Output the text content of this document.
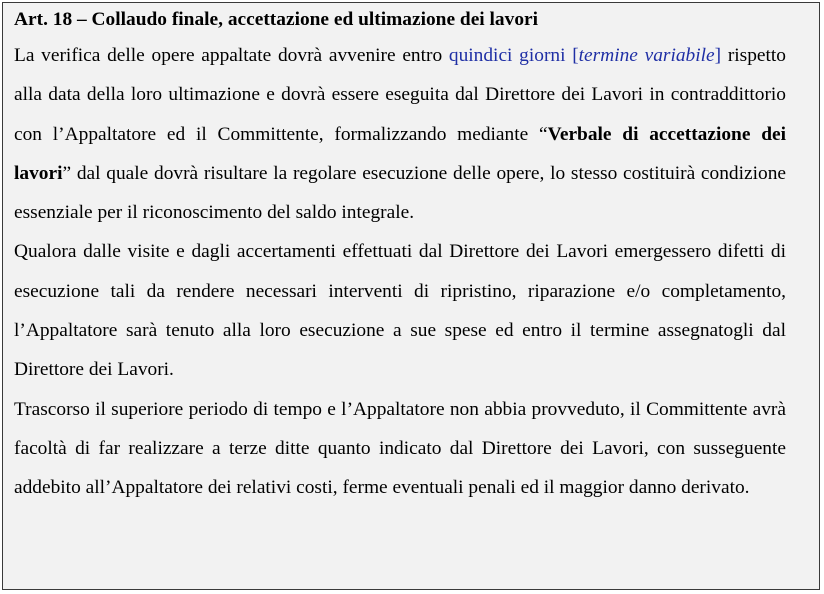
Art. 18 – Collaudo finale, accettazione ed ultimazione dei lavori

La verifica delle opere appaltate dovrà avvenire entro quindici giorni [termine variabile] rispetto alla data della loro ultimazione e dovrà essere eseguita dal Direttore dei Lavori in contraddittorio con l’Appaltatore ed il Committente, formalizzando mediante “Verbale di accettazione dei lavori” dal quale dovrà risultare la regolare esecuzione delle opere, lo stesso costituirà condizione essenziale per il riconoscimento del saldo integrale.

Qualora dalle visite e dagli accertamenti effettuati dal Direttore dei Lavori emergessero difetti di esecuzione tali da rendere necessari interventi di ripristino, riparazione e/o completamento, l’Appaltatore sarà tenuto alla loro esecuzione a sue spese ed entro il termine assegnatogli dal Direttore dei Lavori.

Trascorso il superiore periodo di tempo e l’Appaltatore non abbia provveduto, il Committente avrà facoltà di far realizzare a terze ditte quanto indicato dal Direttore dei Lavori, con susseguente addebito all’Appaltatore dei relativi costi, ferme eventuali penali ed il maggior danno derivato.
